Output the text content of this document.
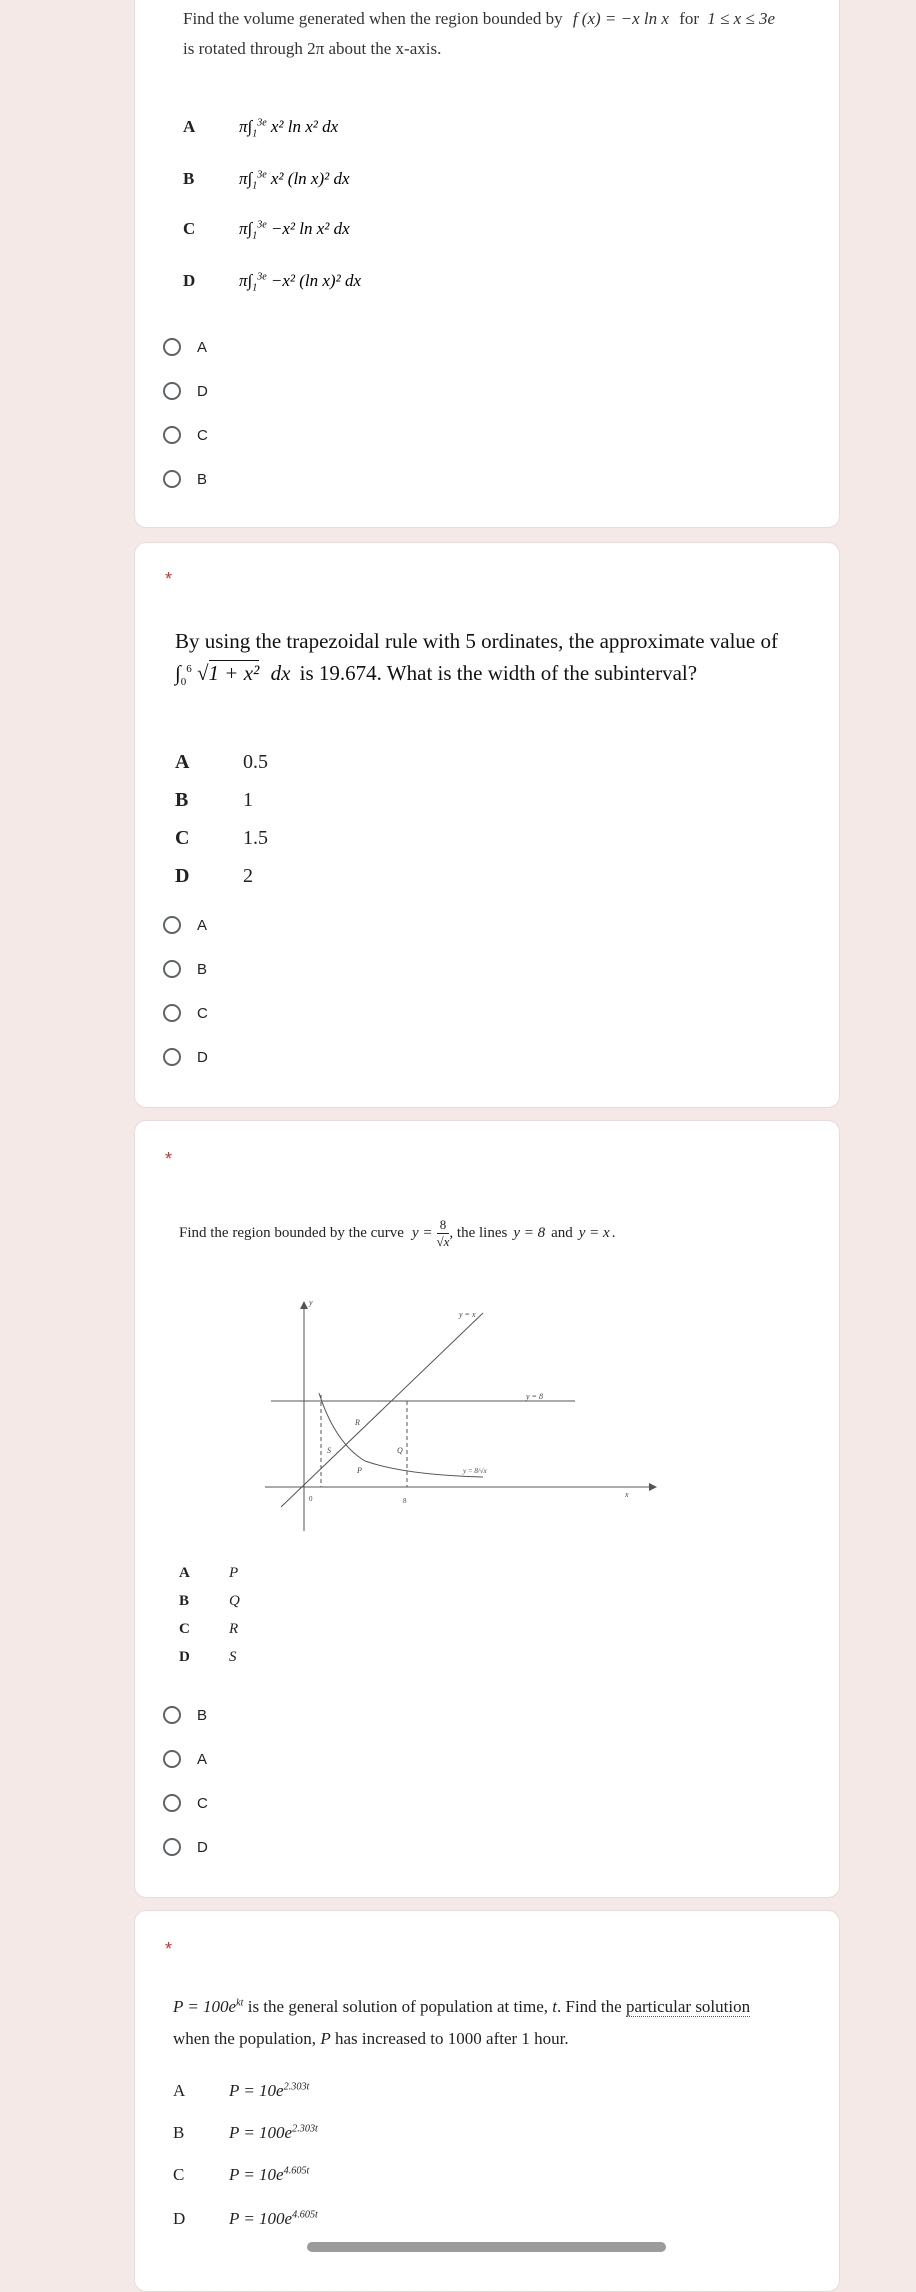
Find the volume generated when the region bounded by f (x) = −x ln x for 1 ≤ x ≤ 3e
is rotated through 2π about the x-axis.
A	$\pi\int_1^{3e}$ x² ln x² dx
B	$\pi\int_1^{3e}$ x² (ln x)² dx
C	$\pi\int_1^{3e} -x^2$ ln x² dx
D	$\pi\int_1^{3e} -x^2$ (ln x)² dx
A
D
C
B
*
By using the trapezoidal rule with 5 ordinates, the approximate value of
$\int_0^6$ √1 + x² dx is 19.674. What is the width of the subinterval?
A	0.5
B	1
C	1.5
D	2
A
B
C
D
*
Find the region bounded by the curve $y = \frac{8}{√x}$ , the lines y = 8 and y = x .
y
x
y = x
y = 8
y = 8/√x
R
S	Q
P
0	8
A	P
B	Q
C	R
D	S
B
A
C
D
*
$P = 100e^{kt}$ is the general solution of population at time, t. Find the particular solution
when the population, P has increased to 1000 after 1 hour.
A	$P = 10e^{2.303t}$
B	$P = 100e^{2.303t}$
C	$P = 10e^{4.605t}$
D	$P = 100e^{4.605t}$
